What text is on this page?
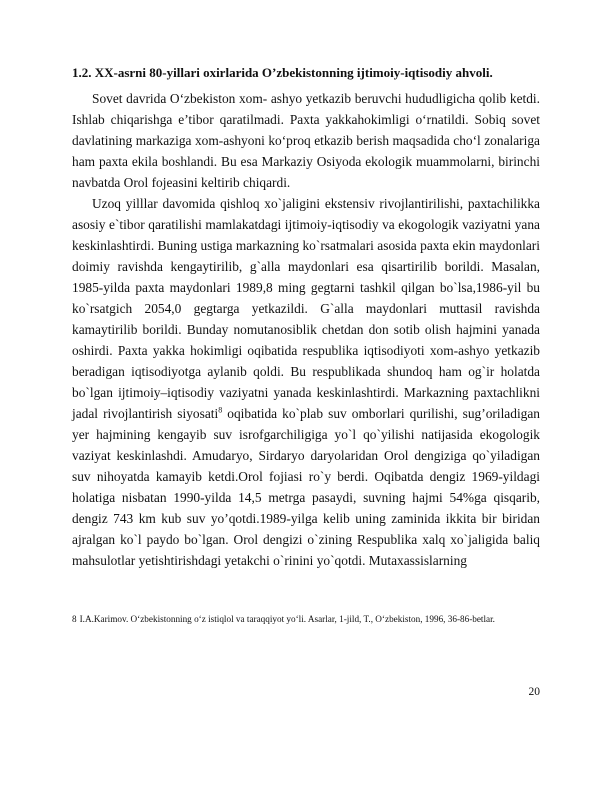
1.2. XX-asrni 80-yillari oxirlarida O’zbekistonning ijtimoiy-iqtisodiy ahvoli.

Sovet davrida O‘zbekiston xom- ashyo yetkazib beruvchi hududligicha qolib ketdi. Ishlab chiqarishga e’tibor qaratilmadi. Paxta yakkahokimligi o‘rnatildi. Sobiq sovet davlatining markaziga xom-ashyoni ko‘proq etkazib berish maqsadida cho‘l zonalariga ham paxta ekila boshlandi. Bu esa Markaziy Osiyoda ekologik muammolarni, birinchi navbatda Orol fojeasini keltirib chiqardi.

Uzoq yilllar davomida qishloq xo`jaligini ekstensiv rivojlantirilishi, paxtachilikka asosiy e`tibor qaratilishi mamlakatdagi ijtimoiy-iqtisodiy va ekogologik vaziyatni yana keskinlashtirdi. Buning ustiga markazning ko`rsatmalari asosida paxta ekin maydonlari doimiy ravishda kengaytirilib, g`alla maydonlari esa qisartirilib borildi. Masalan, 1985-yilda paxta maydonlari 1989,8 ming gegtarni tashkil qilgan bo`lsa,1986-yil bu ko`rsatgich 2054,0 gegtarga yetkazildi. G`alla maydonlari muttasil ravishda kamaytirilib borildi. Bunday nomutanosiblik chetdan don sotib olish hajmini yanada oshirdi. Paxta yakka hokimligi oqibatida respublika iqtisodiyoti xom-ashyo yetkazib beradigan iqtisodiyotga aylanib qoldi. Bu respublikada shundoq ham og`ir holatda bo`lgan ijtimoiy–iqtisodiy vaziyatni yanada keskinlashtirdi. Markazning paxtachlikni jadal rivojlantirish siyosati$^8$ oqibatida ko`plab suv omborlari qurilishi, sug’oriladigan yer hajmining kengayib suv isrofgarchiligiga yo`l qo`yilishi natijasida ekogologik vaziyat keskinlashdi. Amudaryo, Sirdaryo daryolaridan Orol dengiziga qo`yiladigan suv nihoyatda kamayib ketdi.Orol fojiasi ro`y berdi. Oqibatda dengiz 1969-yildagi holatiga nisbatan 1990-yilda 14,5 metrga pasaydi, suvning hajmi 54%ga qisqarib, dengiz 743 km kub suv yo’qotdi.1989-yilga kelib uning zaminida ikkita bir biridan ajralgan ko`l paydo bo`lgan. Orol dengizi o`zining Respublika xalq xo`jaligida baliq mahsulotlar yetishtirishdagi yetakchi o`rinini yo`qotdi. Mutaxassislarning

8 I.A.Karimov. O‘zbekistonning o‘z istiqlol va taraqqiyot yo‘li. Asarlar, 1-jild, T., O‘zbekiston, 1996, 36-86-betlar.
20
